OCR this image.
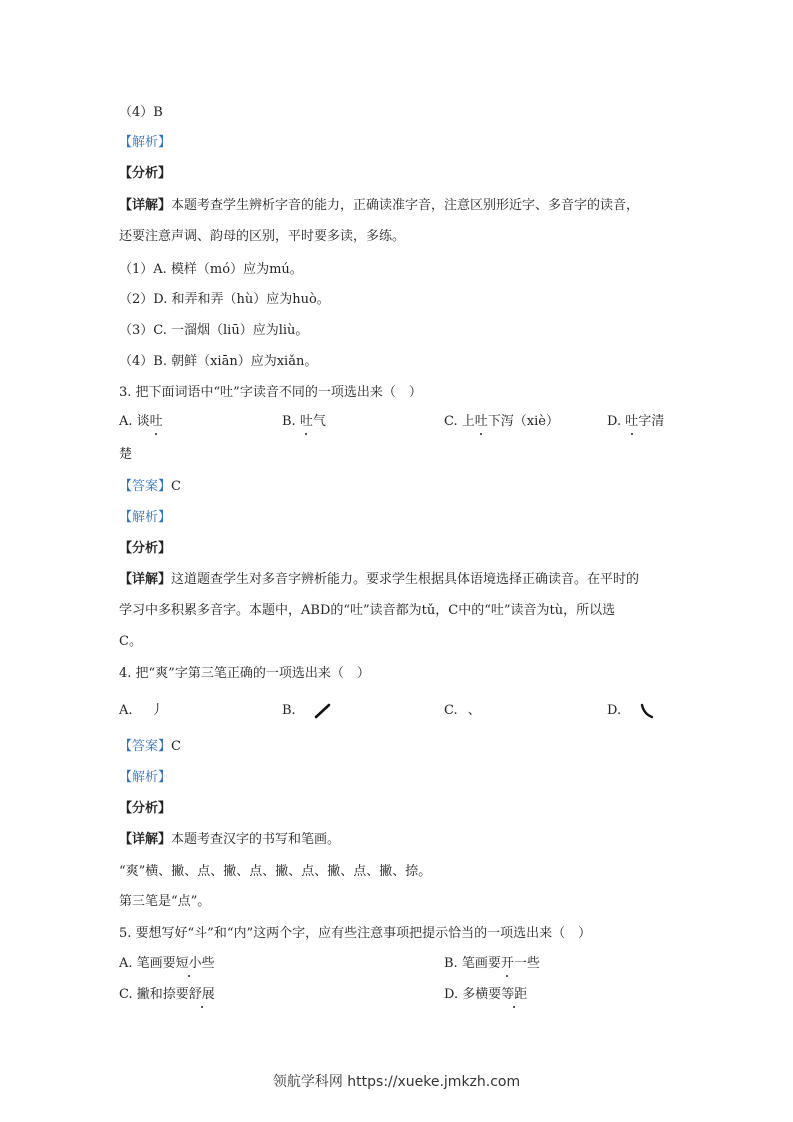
（4）B
【解析】
【分析】
【详解】本题考查学生辨析字音的能力，正确读准字音，注意区别形近字、多音字的读音，
还要注意声调、韵母的区别，平时要多读，多练。
（1）A. 模样（mó）应为mú。
（2）D. 和弄和弄（hù）应为huò。
（3）C. 一溜烟（liū）应为liù。
（4）B. 朝鲜（xiān）应为xiǎn。
3. 把下面词语中“吐”字读音不同的一项选出来（　）
A. 谈吐	B. 吐气	C. 上吐下泻（xiè）	D. 吐字清
楚
【答案】C
【解析】
【分析】
【详解】这道题查学生对多音字辨析能力。要求学生根据具体语境选择正确读音。在平时的
学习中多积累多音字。本题中，ABD的“吐”读音都为tǔ，C中的“吐”读音为tù，所以选
C。
4. 把“爽”字第三笔正确的一项选出来（　）
A. 丿	B.	C. 、	D.
【答案】C
【解析】
【分析】
【详解】本题考查汉字的书写和笔画。
“爽”横、撇、点、撇、点、撇、点、撇、点、撇、捺。
第三笔是“点”。
5. 要想写好“斗”和“内”这两个字，应有些注意事项把提示恰当的一项选出来（　）
A. 笔画要短小些	B. 笔画要开一些
C. 撇和捺要舒展	D. 多横要等距
领航学科网 https://xueke.jmkzh.com
